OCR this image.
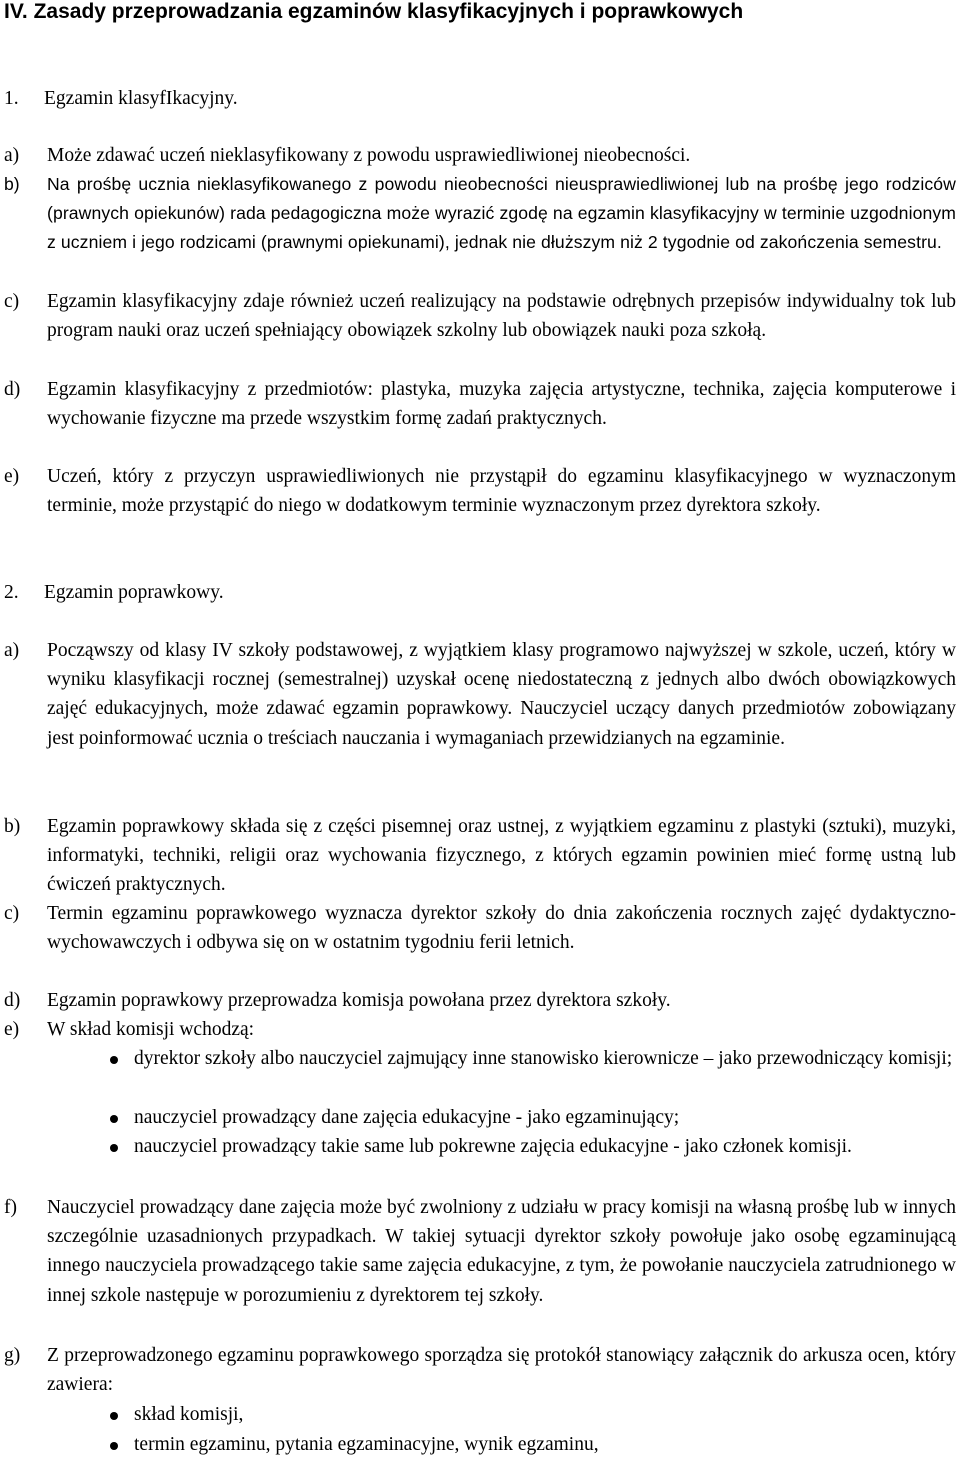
IV. Zasady przeprowadzania egzaminów klasyfikacyjnych i poprawkowych
1. Egzamin klasyfIkacyjny.
a) Może zdawać uczeń nieklasyfikowany z powodu usprawiedliwionej nieobecności.
b) Na prośbę ucznia nieklasyfikowanego z powodu nieobecności nieusprawiedliwionej lub na prośbę jego rodziców (prawnych opiekunów) rada pedagogiczna może wyrazić zgodę na egzamin klasyfikacyjny w terminie uzgodnionym z uczniem i jego rodzicami (prawnymi opiekunami), jednak nie dłuższym niż 2 tygodnie od zakończenia semestru.
c) Egzamin klasyfikacyjny zdaje również uczeń realizujący na podstawie odrębnych przepisów indywidualny tok lub program nauki oraz uczeń spełniający obowiązek szkolny lub obowiązek nauki poza szkołą.
d) Egzamin klasyfikacyjny z przedmiotów: plastyka, muzyka zajęcia artystyczne, technika, zajęcia komputerowe i wychowanie fizyczne ma przede wszystkim formę zadań praktycznych.
e) Uczeń, który z przyczyn usprawiedliwionych nie przystąpił do egzaminu klasyfikacyjnego w wyznaczonym terminie, może przystąpić do niego w dodatkowym terminie wyznaczonym przez dyrektora szkoły.
2. Egzamin poprawkowy.
a) Począwszy od klasy IV szkoły podstawowej, z wyjątkiem klasy programowo najwyższej w szkole, uczeń, który w wyniku klasyfikacji rocznej (semestralnej) uzyskał ocenę niedostateczną z jednych albo dwóch obowiązkowych zajęć edukacyjnych, może zdawać egzamin poprawkowy. Nauczyciel uczący danych przedmiotów zobowiązany jest poinformować ucznia o treściach nauczania i wymaganiach przewidzianych na egzaminie.
b) Egzamin poprawkowy składa się z części pisemnej oraz ustnej, z wyjątkiem egzaminu z plastyki (sztuki), muzyki, informatyki, techniki, religii oraz wychowania fizycznego, z których egzamin powinien mieć formę ustną lub ćwiczeń praktycznych.
c) Termin egzaminu poprawkowego wyznacza dyrektor szkoły do dnia zakończenia rocznych zajęć dydaktyczno-wychowawczych i odbywa się on w ostatnim tygodniu ferii letnich.
d) Egzamin poprawkowy przeprowadza komisja powołana przez dyrektora szkoły.
e) W skład komisji wchodzą:
dyrektor szkoły albo nauczyciel zajmujący inne stanowisko kierownicze – jako przewodniczący komisji;
nauczyciel prowadzący dane zajęcia edukacyjne - jako egzaminujący;
nauczyciel prowadzący takie same lub pokrewne zajęcia edukacyjne - jako członek komisji.
f) Nauczyciel prowadzący dane zajęcia może być zwolniony z udziału w pracy komisji na własną prośbę lub w innych szczególnie uzasadnionych przypadkach. W takiej sytuacji dyrektor szkoły powołuje jako osobę egzaminującą innego nauczyciela prowadzącego takie same zajęcia edukacyjne, z tym, że powołanie nauczyciela zatrudnionego w innej szkole następuje w porozumieniu z dyrektorem tej szkoły.
g) Z przeprowadzonego egzaminu poprawkowego sporządza się protokół stanowiący załącznik do arkusza ocen, który zawiera:
skład komisji,
termin egzaminu, pytania egzaminacyjne, wynik egzaminu,
